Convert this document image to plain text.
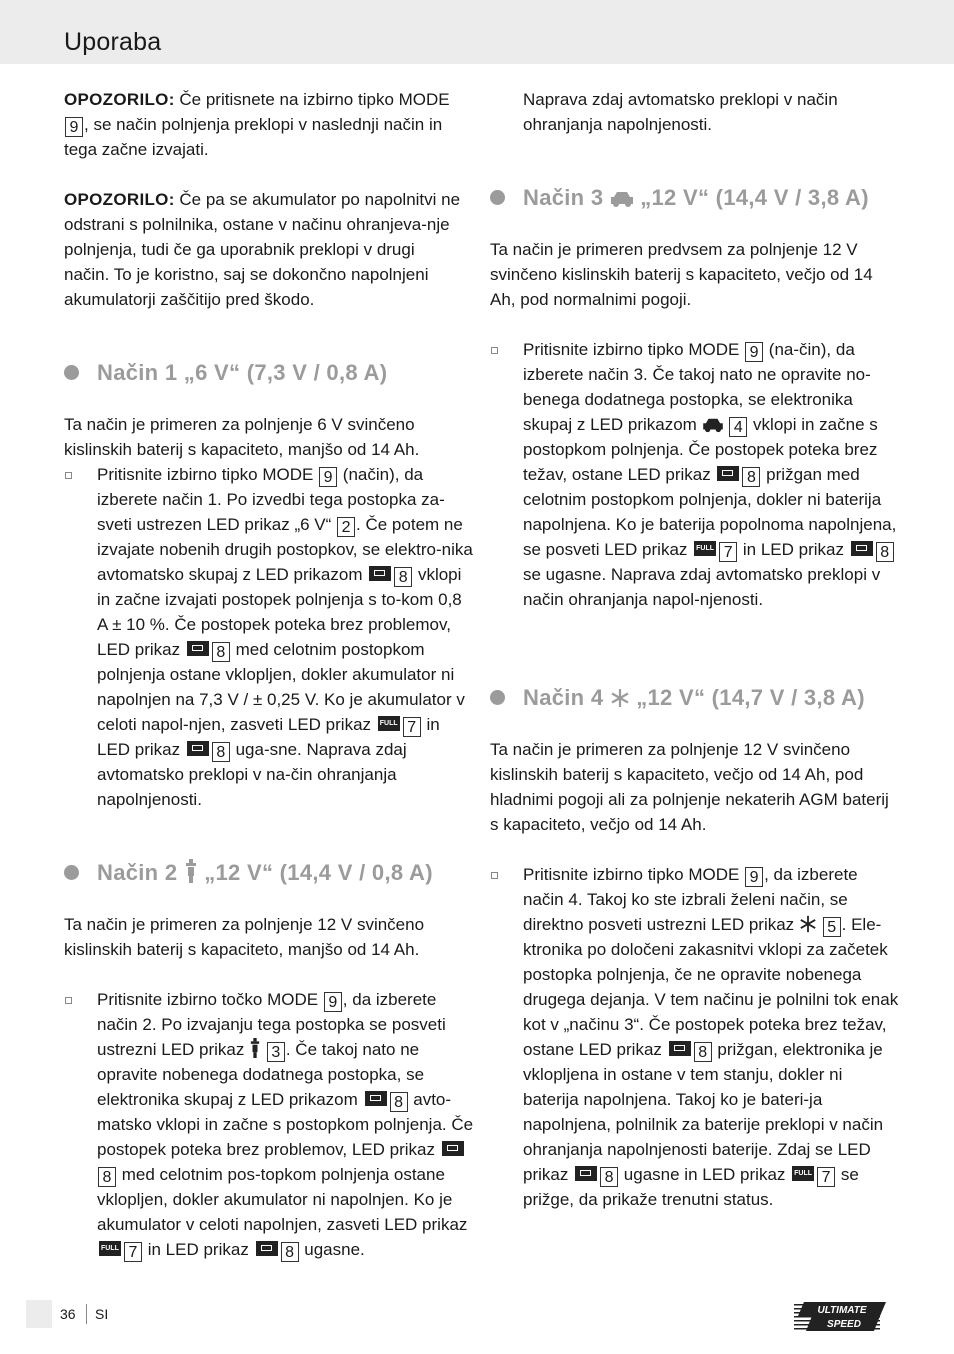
Uporaba
OPOZORILO: Če pritisnete na izbirno tipko MODE 9 , se način polnjenja preklopi v naslednji način in tega začne izvajati.
OPOZORILO: Če pa se akumulator po napolnitvi ne odstrani s polnilnika, ostane v načinu ohranjeva-nje polnjenja, tudi če ga uporabnik preklopi v drugi način. To je koristno, saj se dokončno napolnjeni akumulatorji zaščitijo pred škodo.
Način 1 „6 V“ (7,3 V / 0,8 A)
Ta način je primeren za polnjenje 6 V svinčeno kislinskih baterij s kapaciteto, manjšo od 14 Ah.
Pritisnite izbirno tipko MODE 9 (način), da izberete način 1. Po izvedbi tega postopka za-sveti ustrezen LED prikaz „6 V“ 2 . Če potem ne izvajate nobenih drugih postopkov, se elektro-nika avtomatsko skupaj z LED prikazom 8 vklopi in začne izvajati postopek polnjenja s to-kom 0,8 A ± 10 %. Če postopek poteka brez problemov, LED prikaz 8 med celotnim postopkom polnjenja ostane vklopljen, dokler akumulator ni napolnjen na 7,3 V / ± 0,25 V. Ko je akumulator v celoti napol-njen, zasveti LED prikaz FULL7 in LED prikaz 8 uga-sne. Naprava zdaj avtomatsko preklopi v na-čin ohranjanja napolnjenosti.
Način 2  „12 V“ (14,4 V / 0,8 A)
Ta način je primeren za polnjenje 12 V svinčeno kislinskih baterij s kapaciteto, manjšo od 14 Ah.
Pritisnite izbirno točko MODE 9 , da izberete način 2. Po izvajanju tega postopka se posveti ustrezni LED prikaz  3 . Če takoj nato ne opravite nobenega dodatnega postopka, se elektronika skupaj z LED prikazom 8 avto-matsko vklopi in začne s postopkom polnjenja. Če postopek poteka brez problemov, LED prikaz 8 med celotnim pos-topkom polnjenja ostane vklopljen, dokler akumulator ni napolnjen. Ko je akumulator v celoti napolnjen, zasveti LED prikaz FULL7 in LED prikaz 8 ugasne.
Naprava zdaj avtomatsko preklopi v način ohranjanja napolnjenosti.
Način 3  „12 V“ (14,4 V / 3,8 A)
Ta način je primeren predvsem za polnjenje 12 V svinčeno kislinskih baterij s kapaciteto, večjo od 14 Ah, pod normalnimi pogoji.
Pritisnite izbirno tipko MODE 9 (na-čin), da izberete način 3. Če takoj nato ne opravite no-benega dodatnega postopka, se elektronika skupaj z LED prikazom  4 vklopi in začne s postopkom polnjenja. Če postopek poteka brez težav, ostane LED prikaz 8 prižgan med celotnim postopkom polnjenja, dokler ni baterija napolnjena. Ko je baterija popolnoma napolnjena, se posveti LED prikaz FULL7 in LED prikaz 8 se ugasne. Naprava zdaj avtomatsko preklopi v način ohranjanja napol-njenosti.
Način 4  „12 V“ (14,7 V / 3,8 A)
Ta način je primeren za polnjenje 12 V svinčeno kislinskih baterij s kapaciteto, večjo od 14 Ah, pod hladnimi pogoji ali za polnjenje nekaterih AGM baterij s kapaciteto, večjo od 14 Ah.
Pritisnite izbirno tipko MODE 9 , da izberete način 4. Takoj ko ste izbrali želeni način, se direktno posveti ustrezni LED prikaz  5 . Ele-ktronika po določeni zakasnitvi vklopi za začetek postopka polnjenja, če ne opravite nobenega drugega dejanja. V tem načinu je polnilni tok enak kot v „načinu 3“. Če postopek poteka brez težav, ostane LED prikaz 8 prižgan, elektronika je vklopljena in ostane v tem stanju, dokler ni baterija napolnjena. Takoj ko je bateri-ja napolnjena, polnilnik za baterije preklopi v način ohranjanja napolnjenosti baterije. Zdaj se LED prikaz 8 ugasne in LED prikaz FULL7 se prižge, da prikaže trenutni status.
36 SI	ULTIMATE
SPEED
